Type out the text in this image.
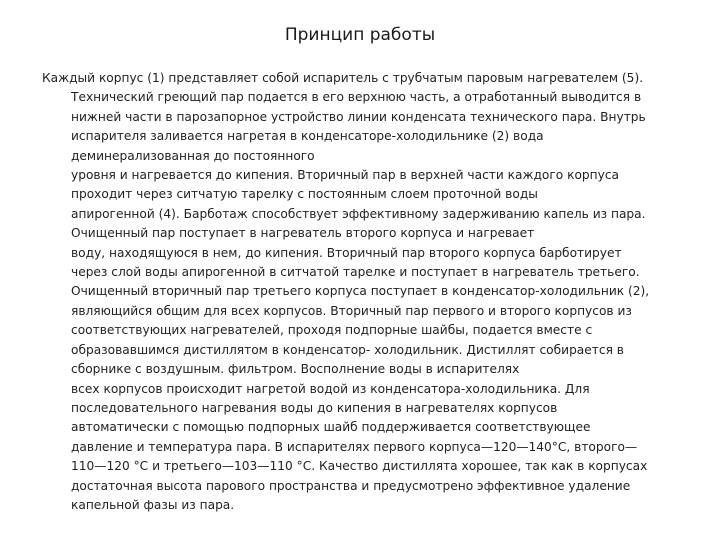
Принцип работы
Каждый корпус (1) представляет собой испаритель с трубчатым паровым нагревателем (5).
Технический греющий пар подается в его верхнюю часть, а отработанный выводится в
нижней части в парозапорное устройство линии конденсата технического пара. Внутрь
испарителя заливается нагретая в конденсаторе-холодильнике (2) вода
деминерализованная до постоянного
уровня и нагревается до кипения. Вторичный пар в верхней части каждого корпуса
проходит через ситчатую тарелку с постоянным слоем проточной воды
апирогенной (4). Барботаж способствует эффективному задерживанию капель из пара.
Очищенный пар поступает в нагреватель второго корпуса и нагревает
воду, находящуюся в нем, до кипения. Вторичный пар второго корпуса барботирует
через слой воды апирогенной в ситчатой тарелке и поступает в нагреватель третьего.
Очищенный вторичный пар третьего корпуса поступает в конденсатор-холодильник (2),
являющийся общим для всех корпусов. Вторичный пар первого и второго корпусов из
соответствующих нагревателей, проходя подпорные шайбы, подается вместе с
образовавшимся дистиллятом в конденсатор- холодильник. Дистиллят собирается в
сборнике с воздушным. фильтром. Восполнение воды в испарителях
всех корпусов происходит нагретой водой из конденсатора-холодильника. Для
последовательного нагревания воды до кипения в нагревателях корпусов
автоматически с помощью подпорных шайб поддерживается соответствующее
давление и температура пара. В испарителях первого корпуса—120—140°С, второго—
110—120 °С и третьего—103—110 °С. Качество дистиллята хорошее, так как в корпусах
достаточная высота парового пространства и предусмотрено эффективное удаление
капельной фазы из пара.
